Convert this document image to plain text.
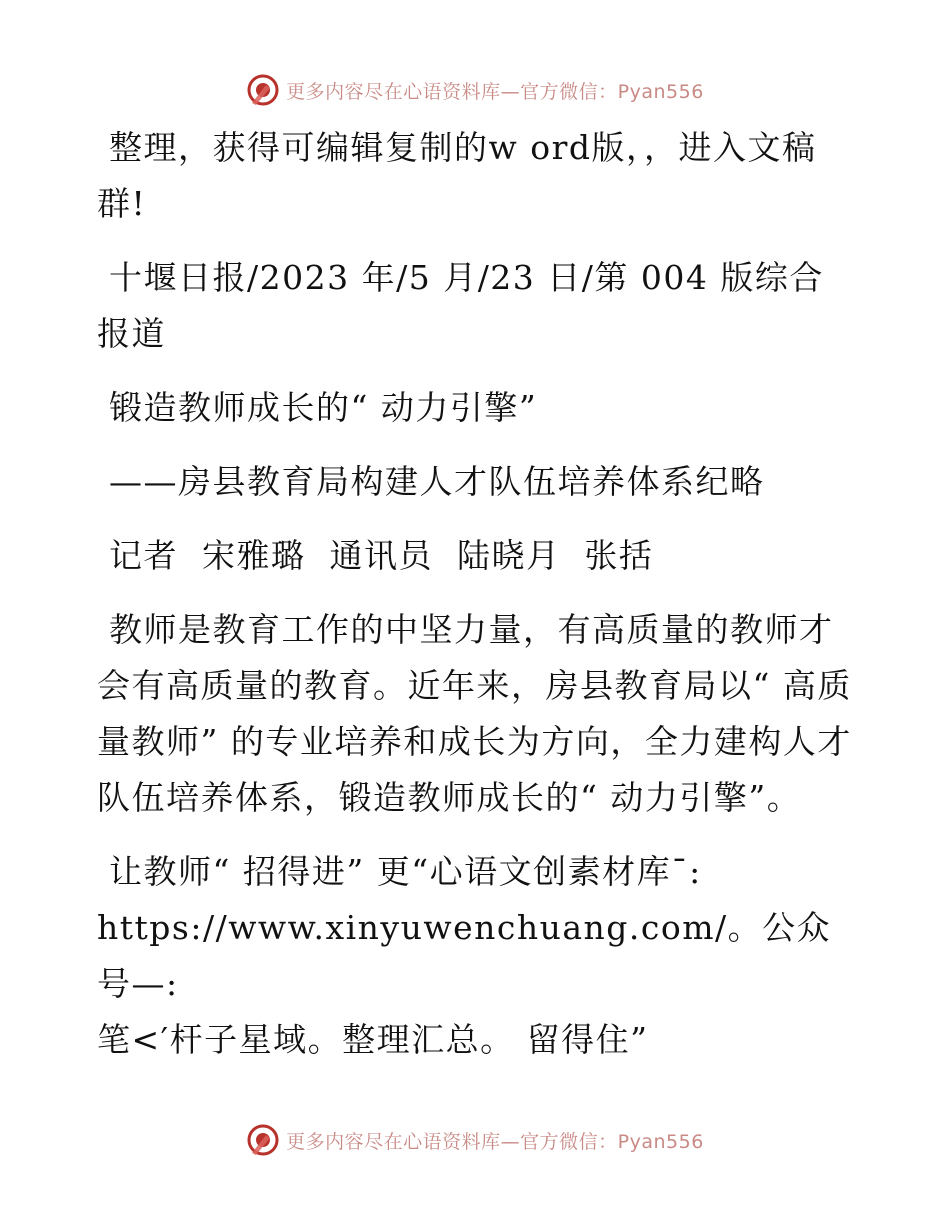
更多内容尽在心语资料库—官方微信：Pyan556

整理，获得可编辑复制的w ord版，，进入文稿群!

十堰日报/2023 年/5 月/23 日/第 004 版综合报道

锻造教师成长的“ 动力引擎”

——房县教育局构建人才队伍培养体系纪略

记者  宋雅璐  通讯员  陆晓月  张括

教师是教育工作的中坚力量，有高质量的教师才会有高质量的教育。近年来，房县教育局以“ 高质量教师” 的专业培养和成长为方向，全力建构人才队伍培养体系，锻造教师成长的“ 动力引擎”。

让教师“ 招得进” 更“心语文创素材库¯:

https://www.xinyuwenchuang.com/。公众号—:

笔<′杆子星域。整理汇总。 留得住”

更多内容尽在心语资料库—官方微信：Pyan556
